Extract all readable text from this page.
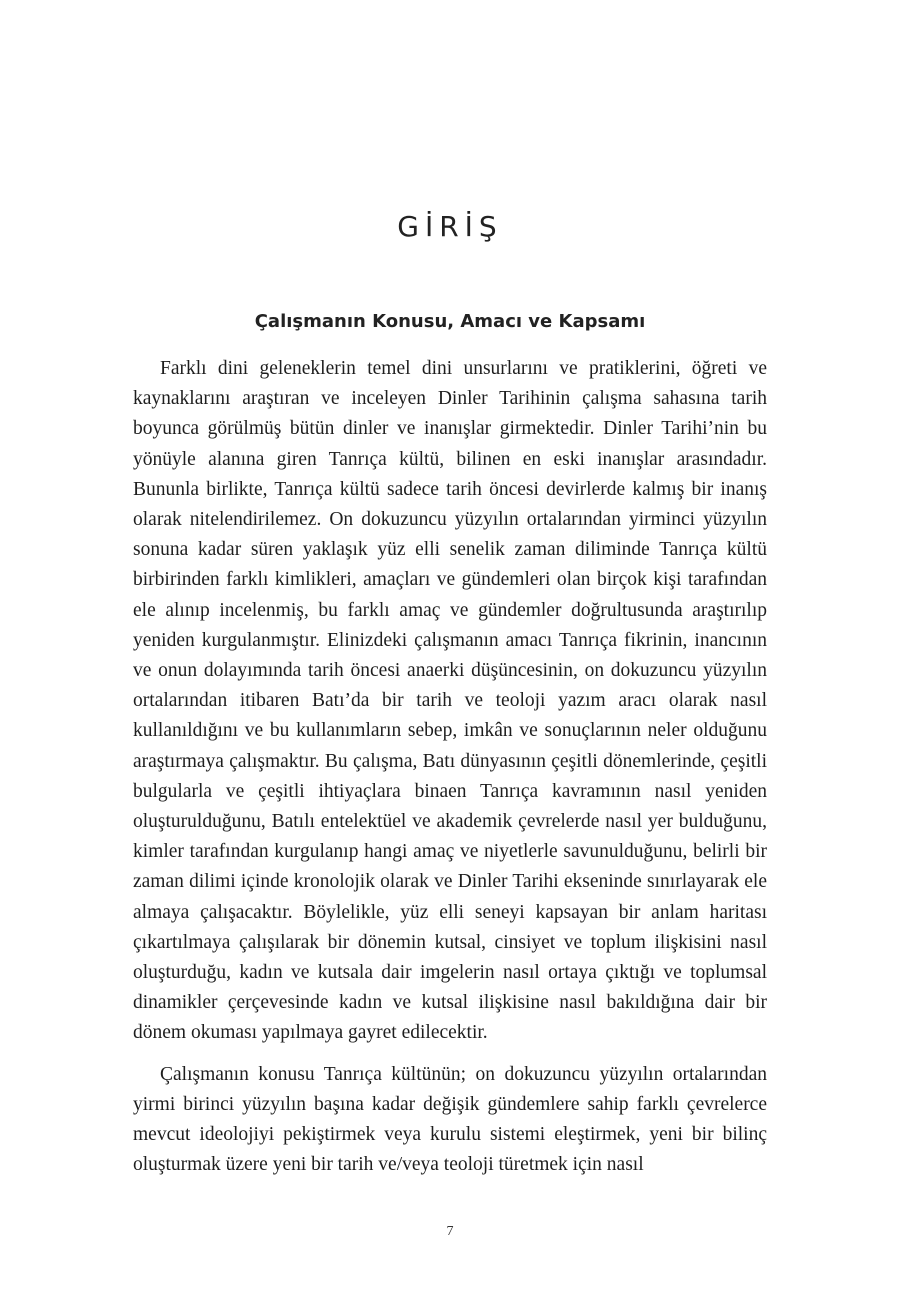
GİRİŞ
Çalışmanın Konusu, Amacı ve Kapsamı

Farklı dini geleneklerin temel dini unsurlarını ve pratiklerini, öğreti ve kaynaklarını araştıran ve inceleyen Dinler Tarihinin çalışma sahasına tarih boyunca görülmüş bütün dinler ve inanışlar girmektedir. Dinler Tarihi’nin bu yönüyle alanına giren Tanrıça kültü, bilinen en eski inanışlar arasındadır. Bununla birlikte, Tanrıça kültü sadece tarih öncesi devirlerde kalmış bir inanış olarak nitelendirilemez. On dokuzuncu yüzyılın ortalarından yirminci yüzyılın sonuna kadar süren yaklaşık yüz elli senelik zaman diliminde Tanrıça kültü birbirinden farklı kimlikleri, amaçları ve gündemleri olan birçok kişi tarafından ele alınıp incelenmiş, bu farklı amaç ve gündemler doğrultusunda araştırılıp yeniden kurgulanmıştır. Elinizdeki çalışmanın amacı Tanrıça fikrinin, inancının ve onun dolayımında tarih öncesi anaerki düşüncesinin, on dokuzuncu yüzyılın ortalarından itibaren Batı’da bir tarih ve teoloji yazım aracı olarak nasıl kullanıldığını ve bu kullanımların sebep, imkân ve sonuçlarının neler olduğunu araştırmaya çalışmaktır. Bu çalışma, Batı dünyasının çeşitli dönemlerinde, çeşitli bulgularla ve çeşitli ihtiyaçlara binaen Tanrıça kavramının nasıl yeniden oluşturulduğunu, Batılı entelektüel ve akademik çevrelerde nasıl yer bulduğunu, kimler tarafından kurgulanıp hangi amaç ve niyetlerle savunulduğunu, belirli bir zaman dilimi içinde kronolojik olarak ve Dinler Tarihi ekseninde sınırlayarak ele almaya çalışacaktır. Böylelikle, yüz elli seneyi kapsayan bir anlam haritası çıkartılmaya çalışılarak bir dönemin kutsal, cinsiyet ve toplum ilişkisini nasıl oluşturduğu, kadın ve kutsala dair imgelerin nasıl ortaya çıktığı ve toplumsal dinamikler çerçevesinde kadın ve kutsal ilişkisine nasıl bakıldığına dair bir dönem okuması yapılmaya gayret edilecektir.

Çalışmanın konusu Tanrıça kültünün; on dokuzuncu yüzyılın ortalarından yirmi birinci yüzyılın başına kadar değişik gündemlere sahip farklı çevrelerce mevcut ideolojiyi pekiştirmek veya kurulu sistemi eleştirmek, yeni bir bilinç oluşturmak üzere yeni bir tarih ve/veya teoloji türetmek için nasıl

7
